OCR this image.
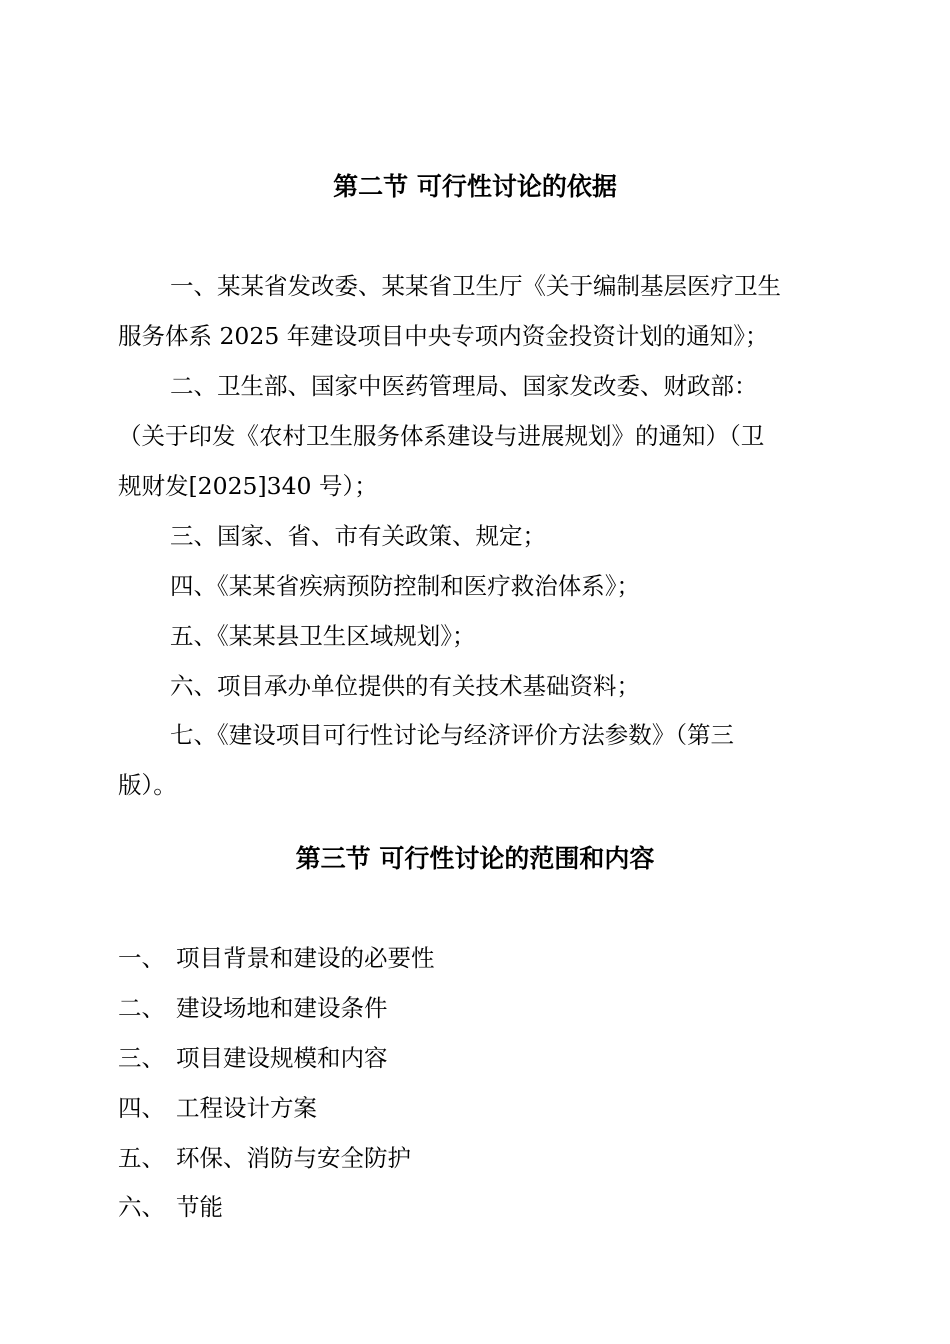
第二节 可行性讨论的依据
一、某某省发改委、某某省卫生厅《关于编制基层医疗卫生
服务体系 2025 年建设项目中央专项内资金投资计划的通知》；
二、卫生部、国家中医药管理局、国家发改委、财政部：
（关于印发《农村卫生服务体系建设与进展规划》的通知）（卫
规财发[2025]340 号）；
三、国家、省、市有关政策、规定；
四、《某某省疾病预防控制和医疗救治体系》；
五、《某某县卫生区域规划》；
六、项目承办单位提供的有关技术基础资料；
七、《建设项目可行性讨论与经济评价方法参数》（第三
版）。
第三节 可行性讨论的范围和内容
一、 项目背景和建设的必要性
二、 建设场地和建设条件
三、 项目建设规模和内容
四、 工程设计方案
五、 环保、消防与安全防护
六、 节能
